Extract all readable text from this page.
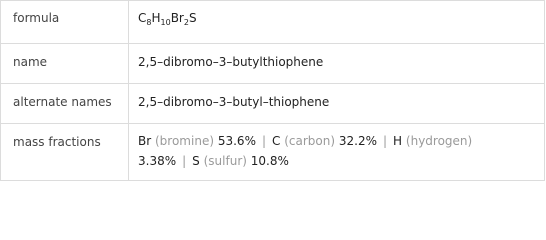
formula	$C_8H_{10}Br_2S$
name	2,5–dibromo–3–butylthiophene
alternate names	2,5–dibromo–3–butyl–thiophene
mass fractions	Br (bromine) 53.6% | C (carbon) 32.2% | H (hydrogen)
3.38% | S (sulfur) 10.8%
